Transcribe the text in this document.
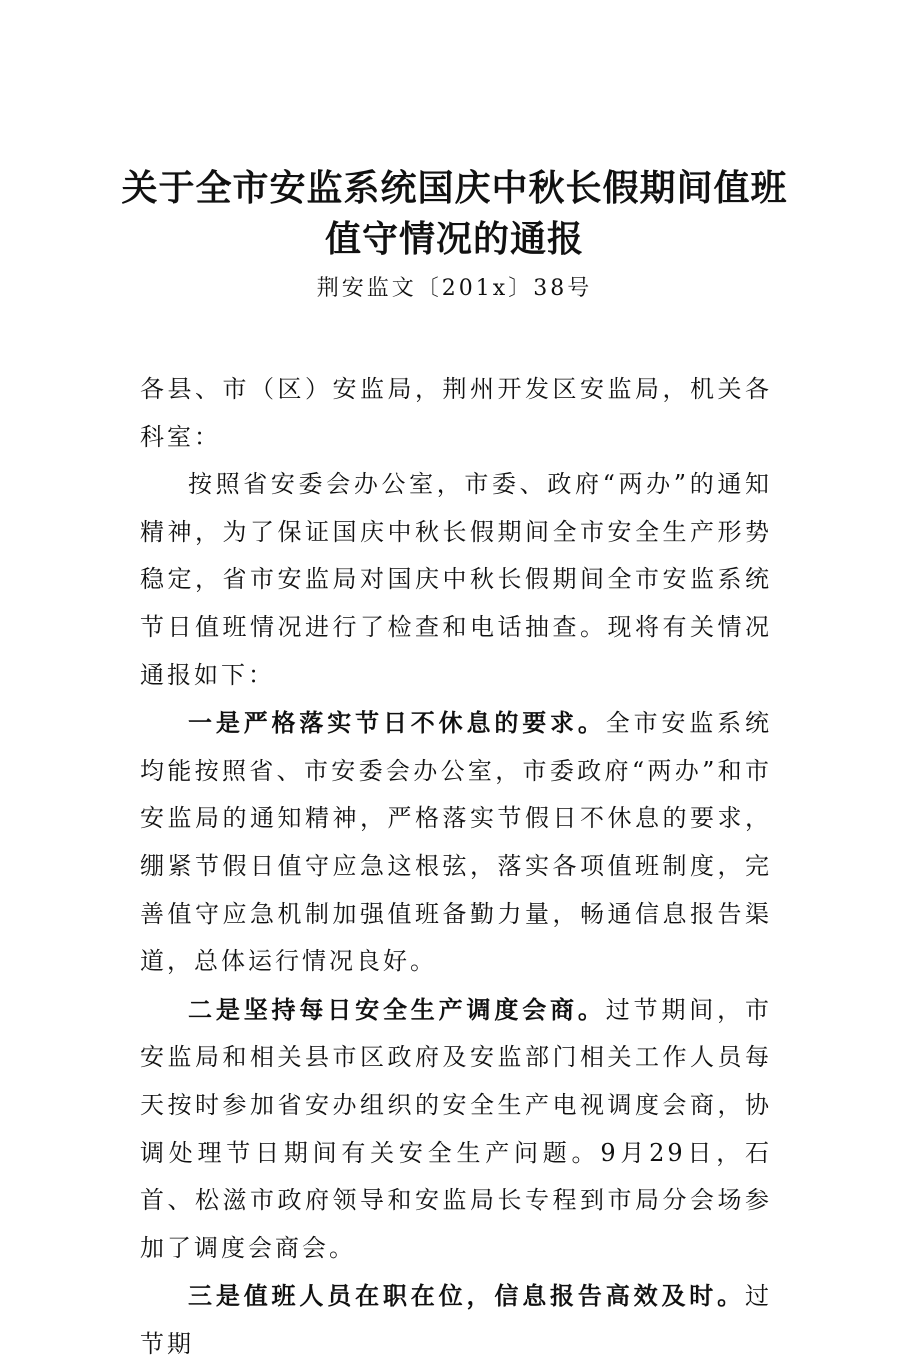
关于全市安监系统国庆中秋长假期间值班
值守情况的通报
荆安监文〔201x〕38号

各县、市（区）安监局，荆州开发区安监局，机关各科室：

按照省安委会办公室，市委、政府“两办”的通知精神，为了保证国庆中秋长假期间全市安全生产形势稳定，省市安监局对国庆中秋长假期间全市安监系统节日值班情况进行了检查和电话抽查。现将有关情况通报如下：

一是严格落实节日不休息的要求。全市安监系统均能按照省、市安委会办公室，市委政府“两办”和市安监局的通知精神，严格落实节假日不休息的要求，绷紧节假日值守应急这根弦，落实各项值班制度，完善值守应急机制加强值班备勤力量，畅通信息报告渠道，总体运行情况良好。

二是坚持每日安全生产调度会商。过节期间，市安监局和相关县市区政府及安监部门相关工作人员每天按时参加省安办组织的安全生产电视调度会商，协调处理节日期间有关安全生产问题。9月29日，石首、松滋市政府领导和安监局长专程到市局分会场参加了调度会商会。

三是值班人员在职在位，信息报告高效及时。过节期
